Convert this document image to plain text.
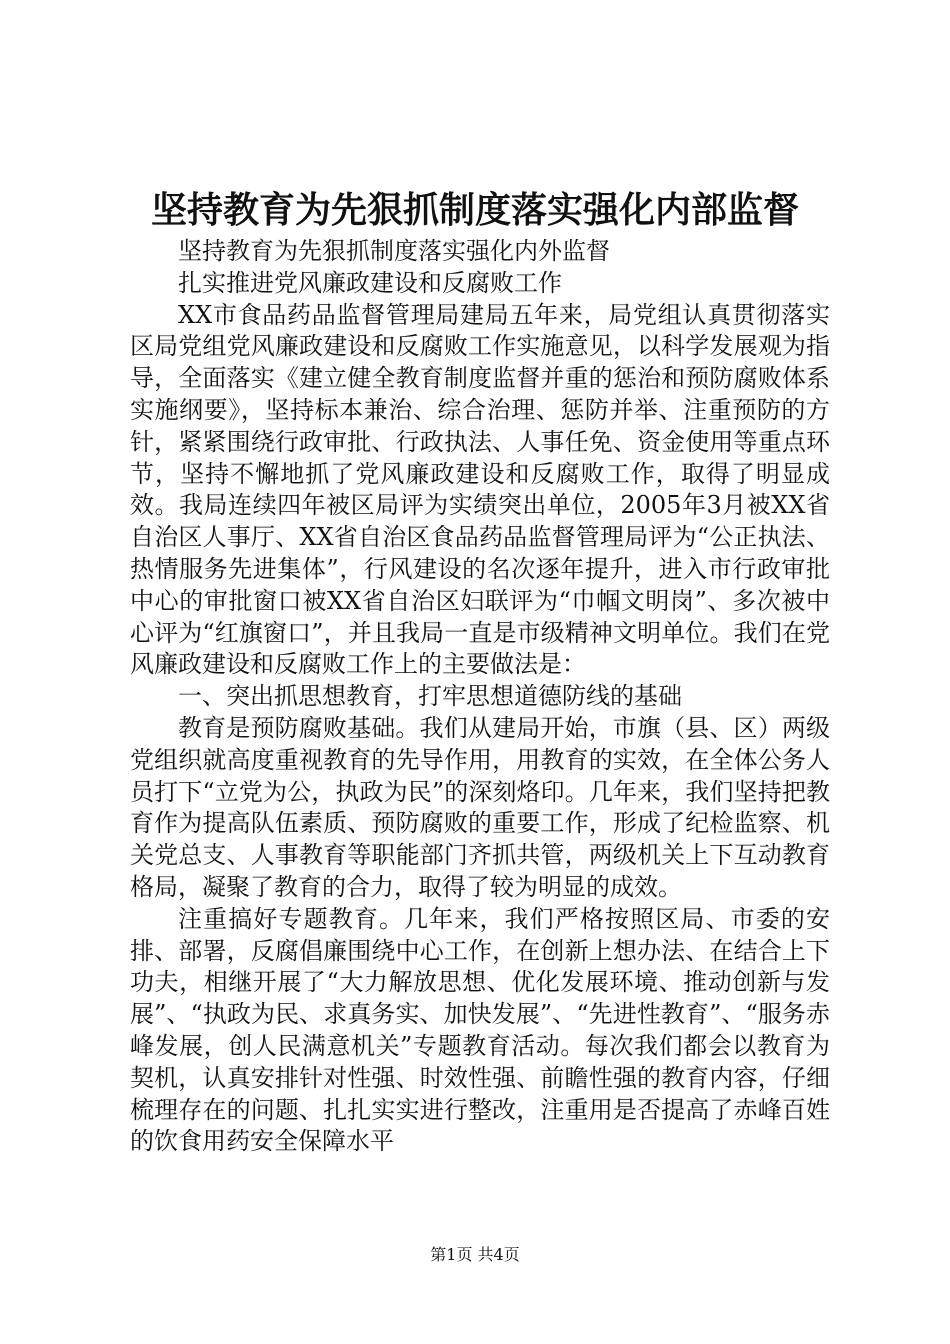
坚持教育为先狠抓制度落实强化内部监督

坚持教育为先狠抓制度落实强化内外监督

扎实推进党风廉政建设和反腐败工作

XX市食品药品监督管理局建局五年来，局党组认真贯彻落实区局党组党风廉政建设和反腐败工作实施意见，以科学发展观为指导，全面落实《建立健全教育制度监督并重的惩治和预防腐败体系实施纲要》，坚持标本兼治、综合治理、惩防并举、注重预防的方针，紧紧围绕行政审批、行政执法、人事任免、资金使用等重点环节，坚持不懈地抓了党风廉政建设和反腐败工作，取得了明显成效。我局连续四年被区局评为实绩突出单位，2005年3月被XX省自治区人事厅、XX省自治区食品药品监督管理局评为“公正执法、热情服务先进集体”，行风建设的名次逐年提升，进入市行政审批中心的审批窗口被XX省自治区妇联评为“巾帼文明岗”、多次被中心评为“红旗窗口”，并且我局一直是市级精神文明单位。我们在党风廉政建设和反腐败工作上的主要做法是：

一、突出抓思想教育，打牢思想道德防线的基础

教育是预防腐败基础。我们从建局开始，市旗（县、区）两级党组织就高度重视教育的先导作用，用教育的实效，在全体公务人员打下“立党为公，执政为民”的深刻烙印。几年来，我们坚持把教育作为提高队伍素质、预防腐败的重要工作，形成了纪检监察、机关党总支、人事教育等职能部门齐抓共管，两级机关上下互动教育格局，凝聚了教育的合力，取得了较为明显的成效。

注重搞好专题教育。几年来，我们严格按照区局、市委的安排、部署，反腐倡廉围绕中心工作，在创新上想办法、在结合上下功夫，相继开展了“大力解放思想、优化发展环境、推动创新与发展”、“执政为民、求真务实、加快发展”、“先进性教育”、“服务赤峰发展，创人民满意机关”专题教育活动。每次我们都会以教育为契机，认真安排针对性强、时效性强、前瞻性强的教育内容，仔细梳理存在的问题、扎扎实实进行整改，注重用是否提高了赤峰百姓的饮食用药安全保障水平

第1页 共4页
